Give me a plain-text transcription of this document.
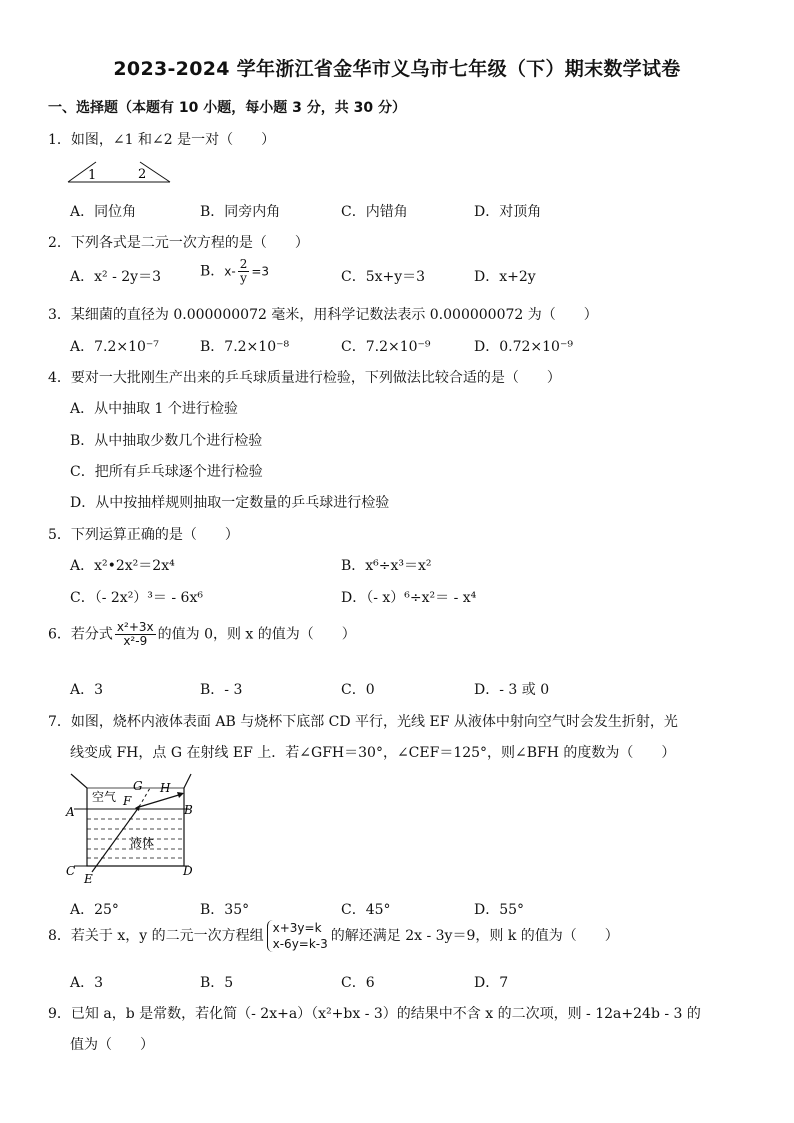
2023-2024 学年浙江省金华市义乌市七年级（下）期末数学试卷
一、选择题（本题有 10 小题，每小题 3 分，共 30 分）
1．如图，∠1 和∠2 是一对（　　）
1	2
A．同位角	B．同旁内角	C．内错角	D．对顶角
2．下列各式是二元一次方程的是（　　）
A．x² - 2y＝3	B．$x- \frac{2}{y} =3$	C．5x+y＝3	D．x+2y
3．某细菌的直径为 0.000000072 毫米，用科学记数法表示 0.000000072 为（　　）
A．7.2×10⁻⁷	B．7.2×10⁻⁸	C．7.2×10⁻⁹	D．0.72×10⁻⁹
4．要对一大批刚生产出来的乒乓球质量进行检验，下列做法比较合适的是（　　）
A．从中抽取 1 个进行检验
B．从中抽取少数几个进行检验
C．把所有乒乓球逐个进行检验
D．从中按抽样规则抽取一定数量的乒乓球进行检验
5．下列运算正确的是（　　）
A．x²•2x²＝2x⁴	B．x⁶÷x³＝x²
C．（- 2x²）³＝ - 6x⁶	D．（- x）⁶÷x²＝ - x⁴
6．若分式 $\frac{\text{x²+3x}}{\text{x²-9}}$ 的值为 0，则 x 的值为（　　）
A．3	B．- 3	C．0	D．- 3 或 0
7．如图，烧杯内液体表面 AB 与烧杯下底部 CD 平行，光线 EF 从液体中射向空气时会发生折射，光
线变成 FH，点 G 在射线 EF 上．若∠GFH＝30°，∠CEF＝125°，则∠BFH 的度数为（　　）
空气
液体
A	B
C	D
E
F
G H
A．25°	B．35°	C．45°	D．55°
8．若关于 x，y 的二元一次方程组 x+3y=k
x-6y=k-3 的解还满足 2x - 3y＝9，则 k 的值为（　　）
A．3	B．5	C．6	D．7
9．已知 a，b 是常数，若化简（- 2x+a）（x²+bx - 3）的结果中不含 x 的二次项，则 - 12a+24b - 3 的
值为（　　）
